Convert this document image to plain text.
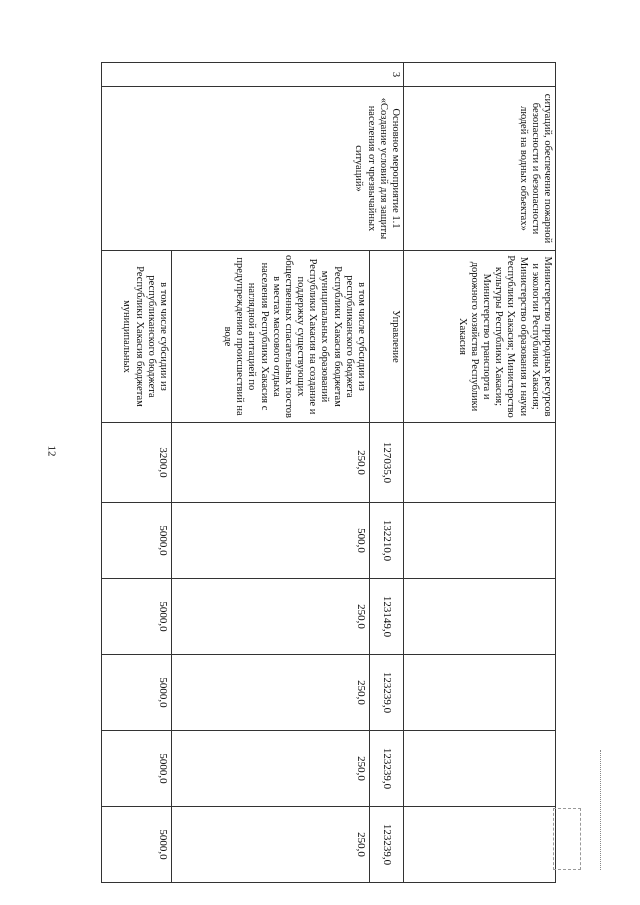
12
	ситуаций, обеспечение пожарной безопасности и безопасности людей на водных объектах»	Министерство природных ресурсов и экологии Республики Хакасия; Министерство образования и науки Республики Хакасия; Министерство культуры Республики Хакасия; Министерство транспорта и дорожного хозяйства Республики Хакасия						
3	Основное мероприятие 1.1 «Создание условий для защиты населения от чрезвычайных ситуаций»	Управление	127035,0	132210,0	123149,0	123239,0	123239,0	123239,0
		в том числе субсидии из республиканского бюджета Республики Хакасия бюджетам муниципальных образований Республики Хакасия на создание и поддержку существующих общественных спасательных постов в местах массового отдыха населения Республики Хакасия с наглядной агитацией по предупреждению происшествий на воде	250,0	500,0	250,0	250,0	250,0	250,0
		в том числе субсидии из республиканского бюджета Республики Хакасия бюджетам муниципальных	3200,0	5000,0	5000,0	5000,0	5000,0	5000,0
